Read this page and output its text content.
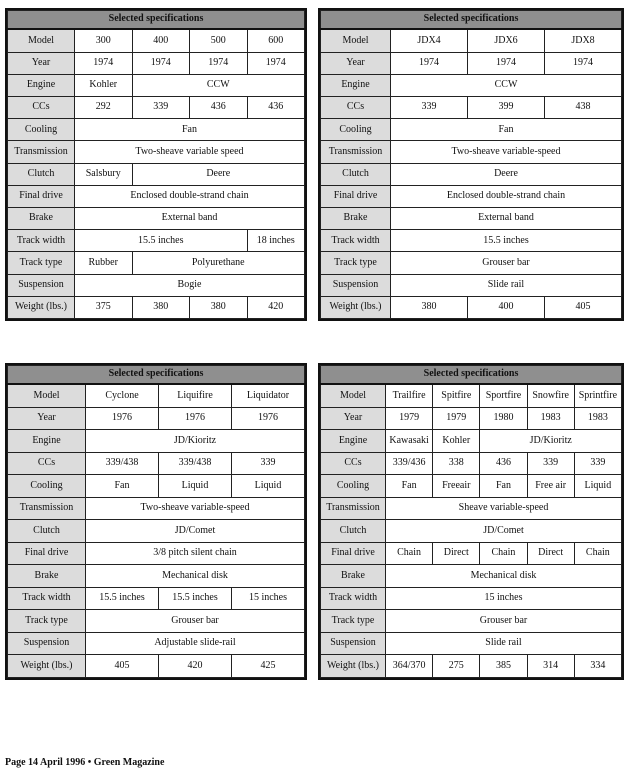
Selected specifications				
Model	300	400	500	600
Year	1974	1974	1974	1974
Engine	Kohler	CCW		
CCs	292	339	436	436
Cooling	Fan			
Transmission	Two-sheave variable speed			
Clutch	Salsbury	Deere		
Final drive	Enclosed double-strand chain			
Brake	External band			
Track width	15.5 inches			18 inches
Track type	Rubber	Polyurethane		
Suspension	Bogie			
Weight (lbs.)	375	380	380	420
Selected specifications			
Model	JDX4	JDX6	JDX8
Year	1974	1974	1974
Engine	CCW		
CCs	339	399	438
Cooling	Fan		
Transmission	Two-sheave variable-speed		
Clutch	Deere		
Final drive	Enclosed double-strand chain		
Brake	External band		
Track width	15.5 inches		
Track type	Grouser bar		
Suspension	Slide rail		
Weight (lbs.)	380	400	405
Selected specifications			
Model	Cyclone	Liquifire	Liquidator
Year	1976	1976	1976
Engine	JD/Kioritz		
CCs	339/438	339/438	339
Cooling	Fan	Liquid	Liquid
Transmission	Two-sheave variable-speed		
Clutch	JD/Comet		
Final drive	3/8 pitch silent chain		
Brake	Mechanical disk		
Track width	15.5 inches	15.5 inches	15 inches
Track type	Grouser bar		
Suspension	Adjustable slide-rail		
Weight (lbs.)	405	420	425
Selected specifications					
Model	Trailfire	Spitfire	Sportfire	Snowfire	Sprintfire
Year	1979	1979	1980	1983	1983
Engine	Kawasaki	Kohler	JD/Kioritz		
CCs	339/436	338	436	339	339
Cooling	Fan	Freeair	Fan	Free air	Liquid
Transmission	Sheave variable-speed				
Clutch	JD/Comet				
Final drive	Chain	Direct	Chain	Direct	Chain
Brake	Mechanical disk				
Track width	15 inches				
Track type	Grouser bar				
Suspension	Slide rail				
Weight (lbs.)	364/370	275	385	314	334
Page 14 April 1996 • Green Magazine
